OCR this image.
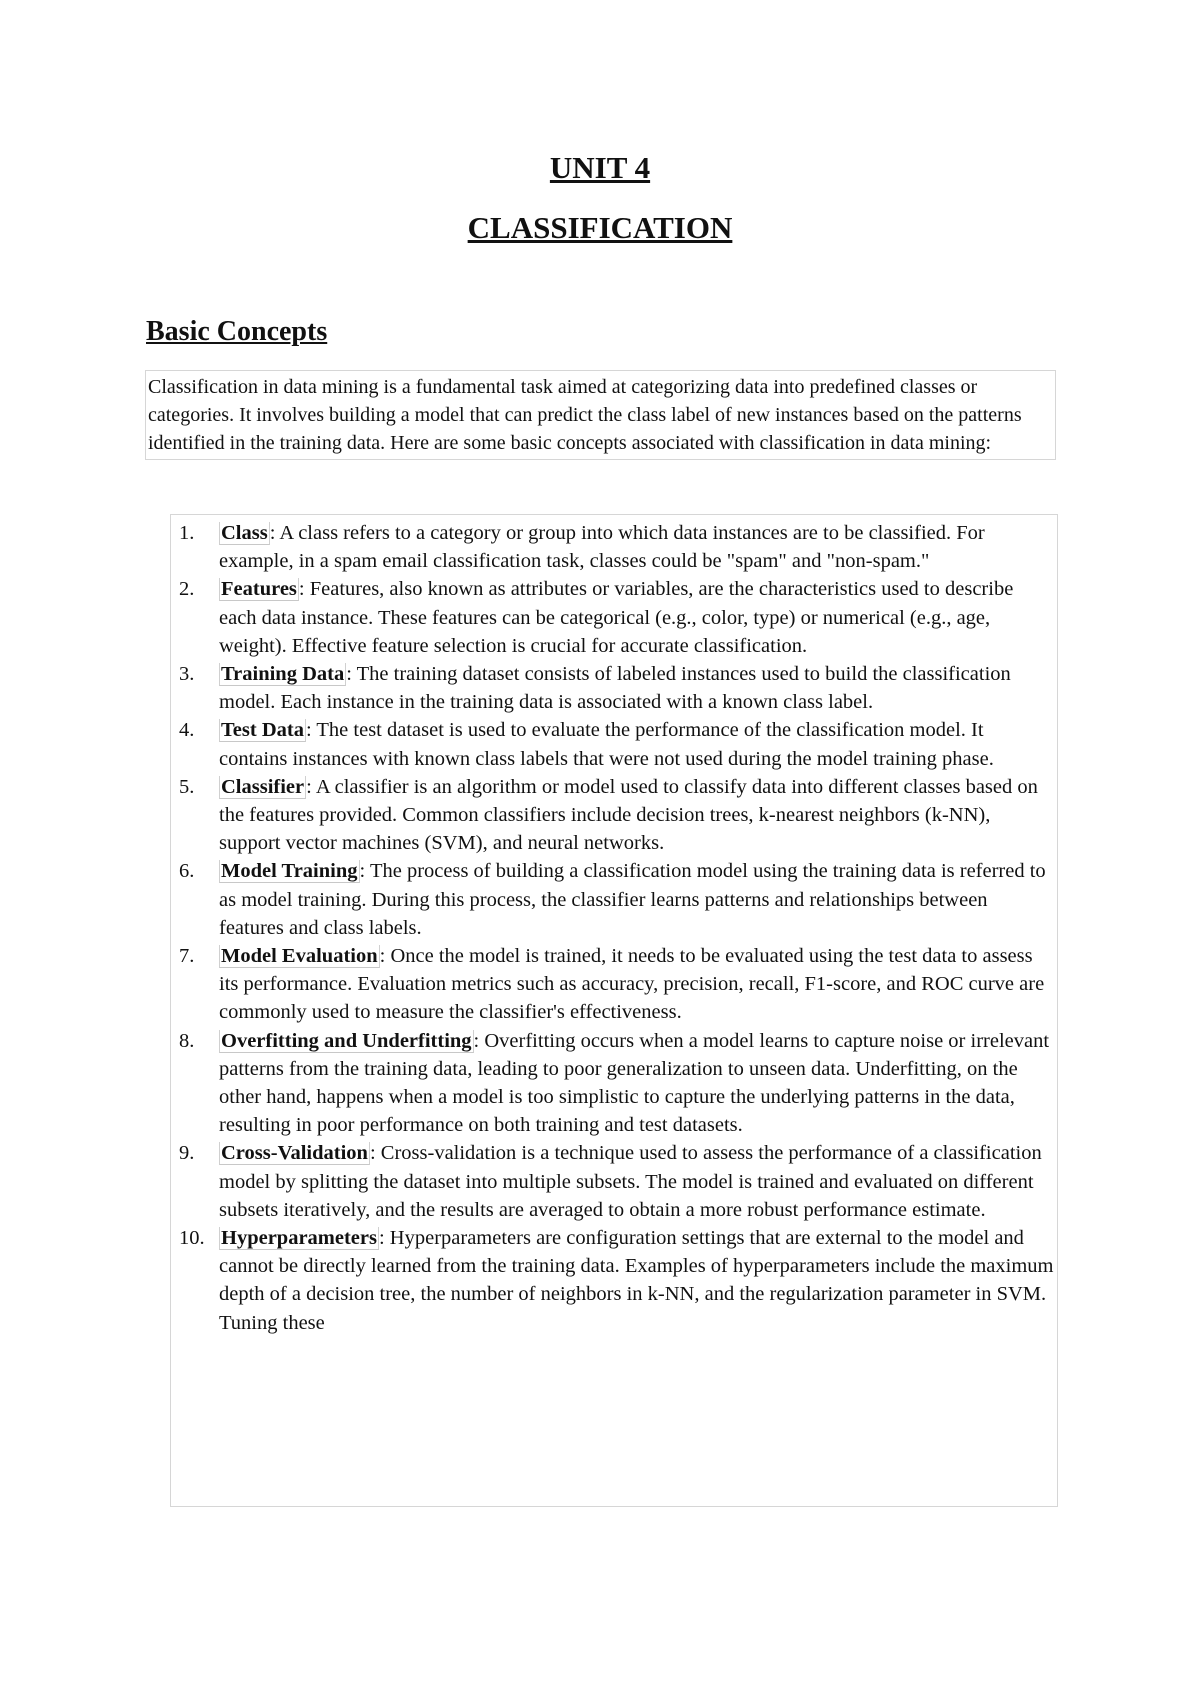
UNIT 4
CLASSIFICATION
Basic Concepts

Classification in data mining is a fundamental task aimed at categorizing data into predefined classes or categories. It involves building a model that can predict the class label of new instances based on the patterns identified in the training data. Here are some basic concepts associated with classification in data mining:

1. Class: A class refers to a category or group into which data instances are to be classified. For example, in a spam email classification task, classes could be "spam" and "non-spam."
2. Features: Features, also known as attributes or variables, are the characteristics used to describe each data instance. These features can be categorical (e.g., color, type) or numerical (e.g., age, weight). Effective feature selection is crucial for accurate classification.
3. Training Data: The training dataset consists of labeled instances used to build the classification model. Each instance in the training data is associated with a known class label.
4. Test Data: The test dataset is used to evaluate the performance of the classification model. It contains instances with known class labels that were not used during the model training phase.
5. Classifier: A classifier is an algorithm or model used to classify data into different classes based on the features provided. Common classifiers include decision trees, k-nearest neighbors (k-NN), support vector machines (SVM), and neural networks.
6. Model Training: The process of building a classification model using the training data is referred to as model training. During this process, the classifier learns patterns and relationships between features and class labels.
7. Model Evaluation: Once the model is trained, it needs to be evaluated using the test data to assess its performance. Evaluation metrics such as accuracy, precision, recall, F1-score, and ROC curve are commonly used to measure the classifier's effectiveness.
8. Overfitting and Underfitting: Overfitting occurs when a model learns to capture noise or irrelevant patterns from the training data, leading to poor generalization to unseen data. Underfitting, on the other hand, happens when a model is too simplistic to capture the underlying patterns in the data, resulting in poor performance on both training and test datasets.
9. Cross-Validation: Cross-validation is a technique used to assess the performance of a classification model by splitting the dataset into multiple subsets. The model is trained and evaluated on different subsets iteratively, and the results are averaged to obtain a more robust performance estimate.
10. Hyperparameters: Hyperparameters are configuration settings that are external to the model and cannot be directly learned from the training data. Examples of hyperparameters include the maximum depth of a decision tree, the number of neighbors in k-NN, and the regularization parameter in SVM. Tuning these
